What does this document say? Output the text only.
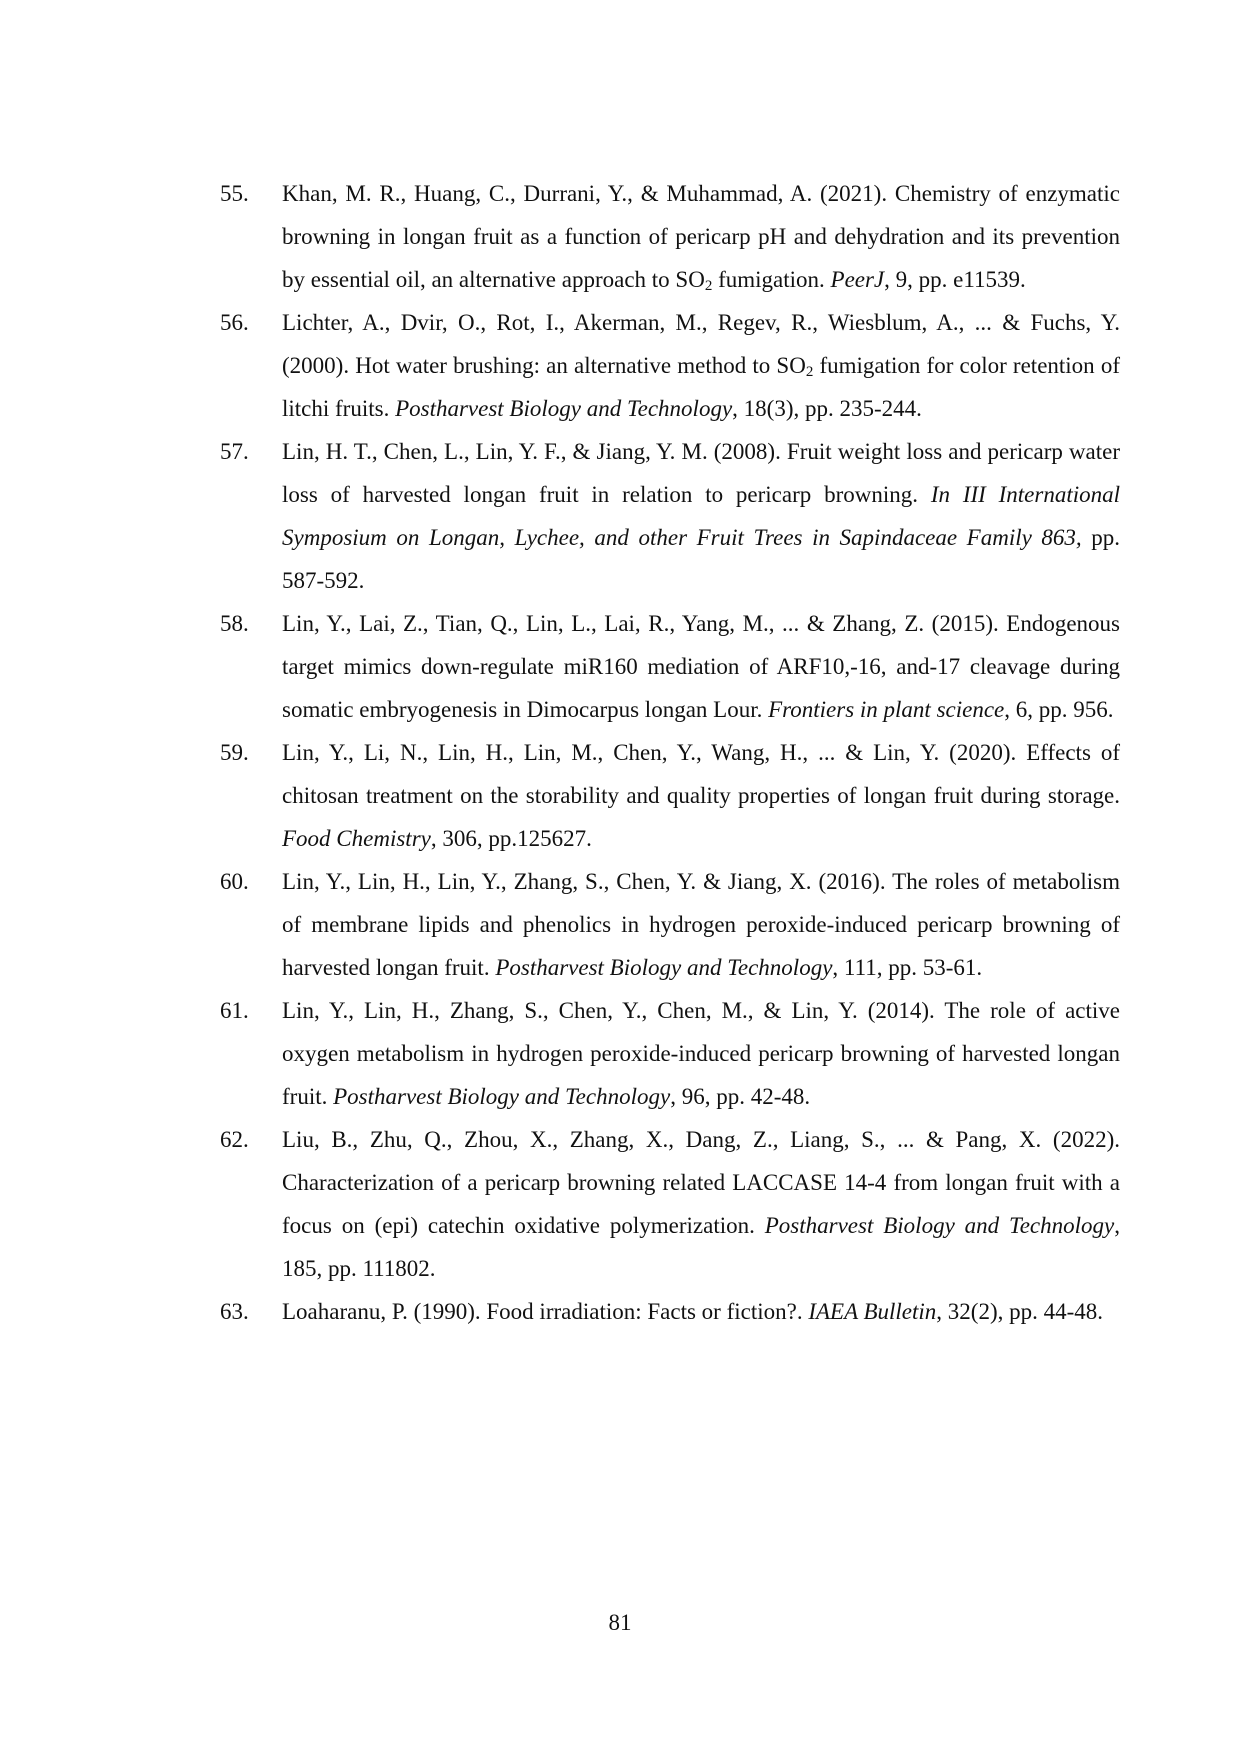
55.	Khan, M. R., Huang, C., Durrani, Y., & Muhammad, A. (2021). Chemistry of enzymatic browning in longan fruit as a function of pericarp pH and dehydration and its prevention by essential oil, an alternative approach to $SO_2$ fumigation. PeerJ, 9, pp. e11539.
56.	Lichter, A., Dvir, O., Rot, I., Akerman, M., Regev, R., Wiesblum, A., ... & Fuchs, Y. (2000). Hot water brushing: an alternative method to $SO_2$ fumigation for color retention of litchi fruits. Postharvest Biology and Technology, 18(3), pp. 235-244.
57.	Lin, H. T., Chen, L., Lin, Y. F., & Jiang, Y. M. (2008). Fruit weight loss and pericarp water loss of harvested longan fruit in relation to pericarp browning. In III International Symposium on Longan, Lychee, and other Fruit Trees in Sapindaceae Family 863, pp. 587-592.
58.	Lin, Y., Lai, Z., Tian, Q., Lin, L., Lai, R., Yang, M., ... & Zhang, Z. (2015). Endogenous target mimics down-regulate miR160 mediation of ARF10,-16, and-17 cleavage during somatic embryogenesis in Dimocarpus longan Lour. Frontiers in plant science, 6, pp. 956.
59.	Lin, Y., Li, N., Lin, H., Lin, M., Chen, Y., Wang, H., ... & Lin, Y. (2020). Effects of chitosan treatment on the storability and quality properties of longan fruit during storage. Food Chemistry, 306, pp.125627.
60.	Lin, Y., Lin, H., Lin, Y., Zhang, S., Chen, Y. & Jiang, X. (2016). The roles of metabolism of membrane lipids and phenolics in hydrogen peroxide-induced pericarp browning of harvested longan fruit. Postharvest Biology and Technology, 111, pp. 53-61.
61.	Lin, Y., Lin, H., Zhang, S., Chen, Y., Chen, M., & Lin, Y. (2014). The role of active oxygen metabolism in hydrogen peroxide-induced pericarp browning of harvested longan fruit. Postharvest Biology and Technology, 96, pp. 42-48.
62.	Liu, B., Zhu, Q., Zhou, X., Zhang, X., Dang, Z., Liang, S., ... & Pang, X. (2022). Characterization of a pericarp browning related LACCASE 14-4 from longan fruit with a focus on (epi) catechin oxidative polymerization. Postharvest Biology and Technology, 185, pp. 111802.
63.	Loaharanu, P. (1990). Food irradiation: Facts or fiction?. IAEA Bulletin, 32(2), pp. 44-48.
81
